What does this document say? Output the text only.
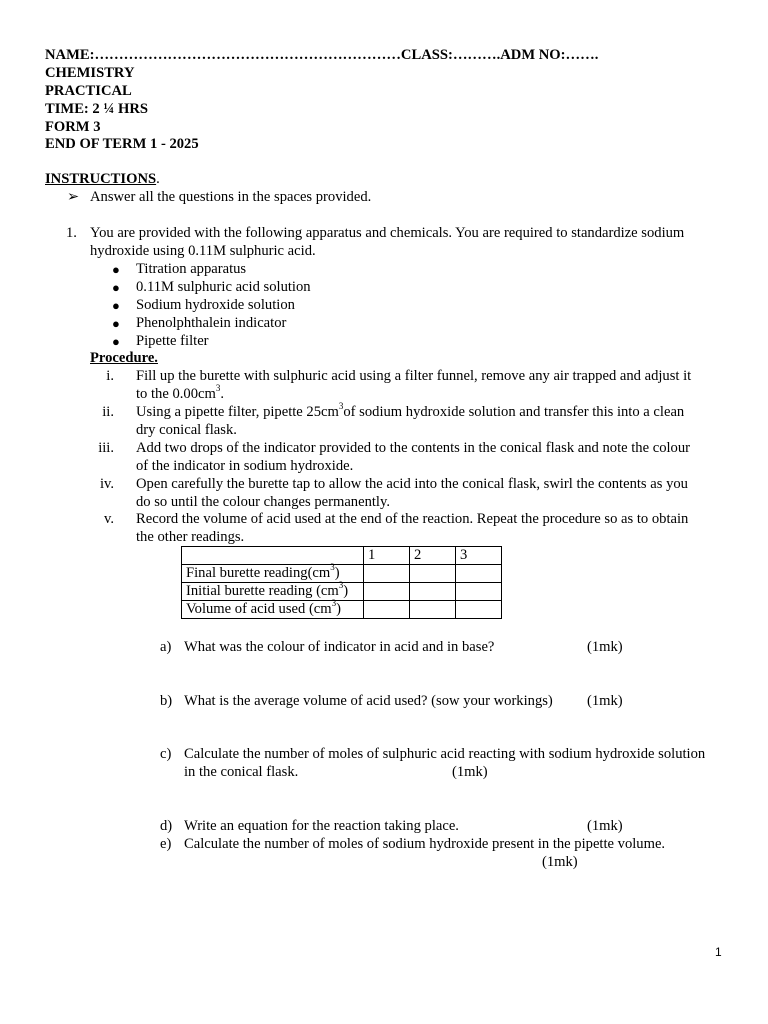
NAME:………………………………………………………CLASS:……….ADM NO:…….
CHEMISTRY
PRACTICAL
TIME: 2 ¼ HRS
FORM 3
END OF TERM 1 - 2025
INSTRUCTIONS.
➢ Answer all the questions in the spaces provided.
1. You are provided with the following apparatus and chemicals. You are required to standardize sodium
hydroxide using 0.11M sulphuric acid.
● Titration apparatus
● 0.11M sulphuric acid solution
● Sodium hydroxide solution
● Phenolphthalein indicator
● Pipette filter
Procedure.
i. Fill up the burette with sulphuric acid using a filter funnel, remove any air trapped and adjust it
to the $0.00cm^3$.
ii. Using a pipette filter, pipette $25cm^3of$ sodium hydroxide solution and transfer this into a clean
dry conical flask.
iii. Add two drops of the indicator provided to the contents in the conical flask and note the colour
of the indicator in sodium hydroxide.
iv. Open carefully the burette tap to allow the acid into the conical flask, swirl the contents as you
do so until the colour changes permanently.
v. Record the volume of acid used at the end of the reaction. Repeat the procedure so as to obtain
the other readings.
	1	2	3
Final burette $reading(cm^3)$			
Initial burette reading $(cm^3)$			
Volume of acid used $(cm^3)$			
a) What was the colour of indicator in acid and in base?	(1mk)
b) What is the average volume of acid used? (sow your workings)	(1mk)
c) Calculate the number of moles of sulphuric acid reacting with sodium hydroxide solution
in the conical flask.	(1mk)
d) Write an equation for the reaction taking place.	(1mk)
e) Calculate the number of moles of sodium hydroxide present in the pipette volume.
(1mk)
1
